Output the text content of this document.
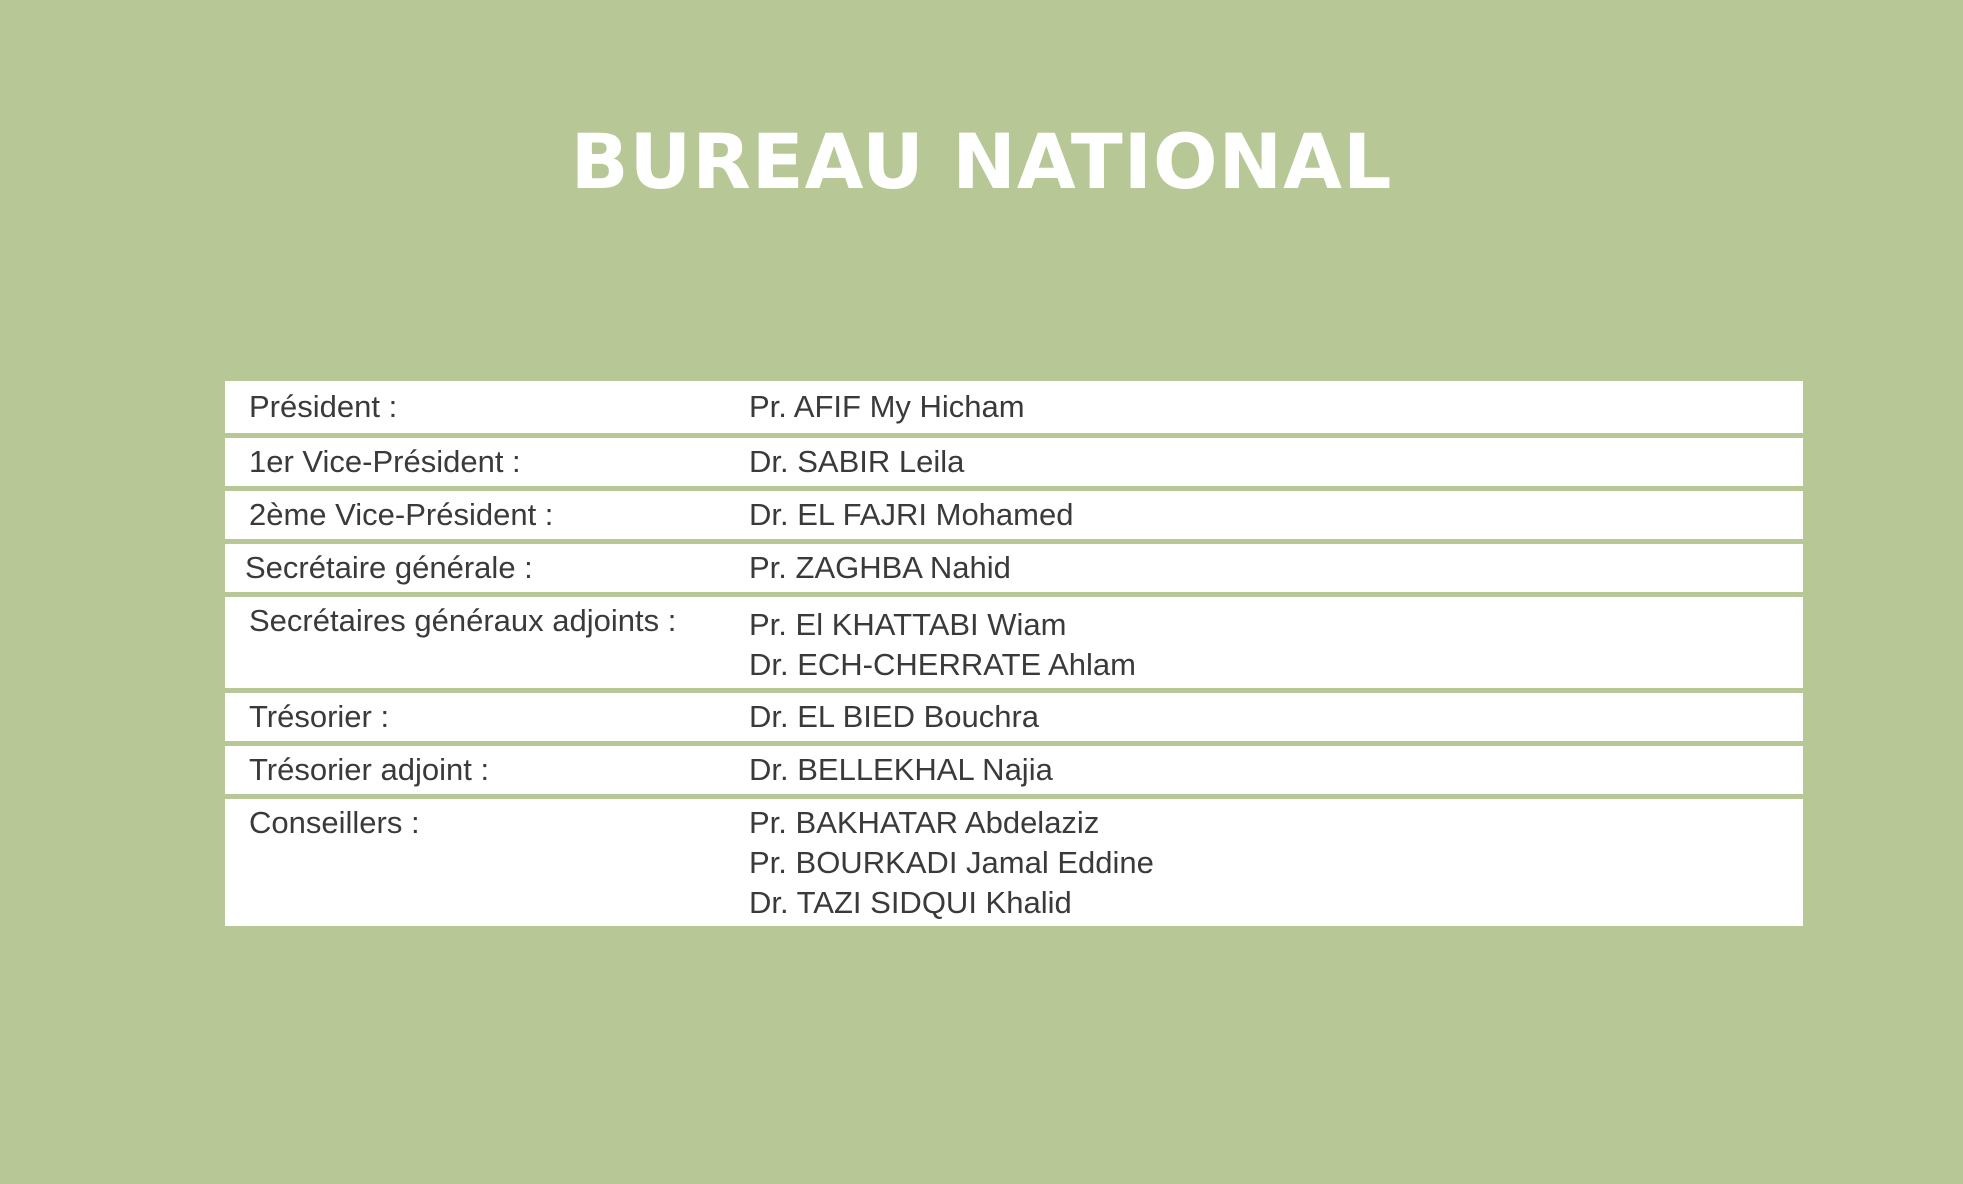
BUREAU NATIONAL
Président :	Pr. AFIF My Hicham
1er Vice-Président :	Dr. SABIR Leila
2ème Vice-Président :	Dr. EL FAJRI Mohamed
Secrétaire générale :	Pr. ZAGHBA Nahid
Secrétaires généraux adjoints :	Pr. El KHATTABI Wiam
Dr. ECH-CHERRATE Ahlam
Trésorier :	Dr. EL BIED Bouchra
Trésorier adjoint :	Dr. BELLEKHAL Najia
Conseillers :	Pr. BAKHATAR Abdelaziz
Pr. BOURKADI Jamal Eddine
Dr. TAZI SIDQUI Khalid
